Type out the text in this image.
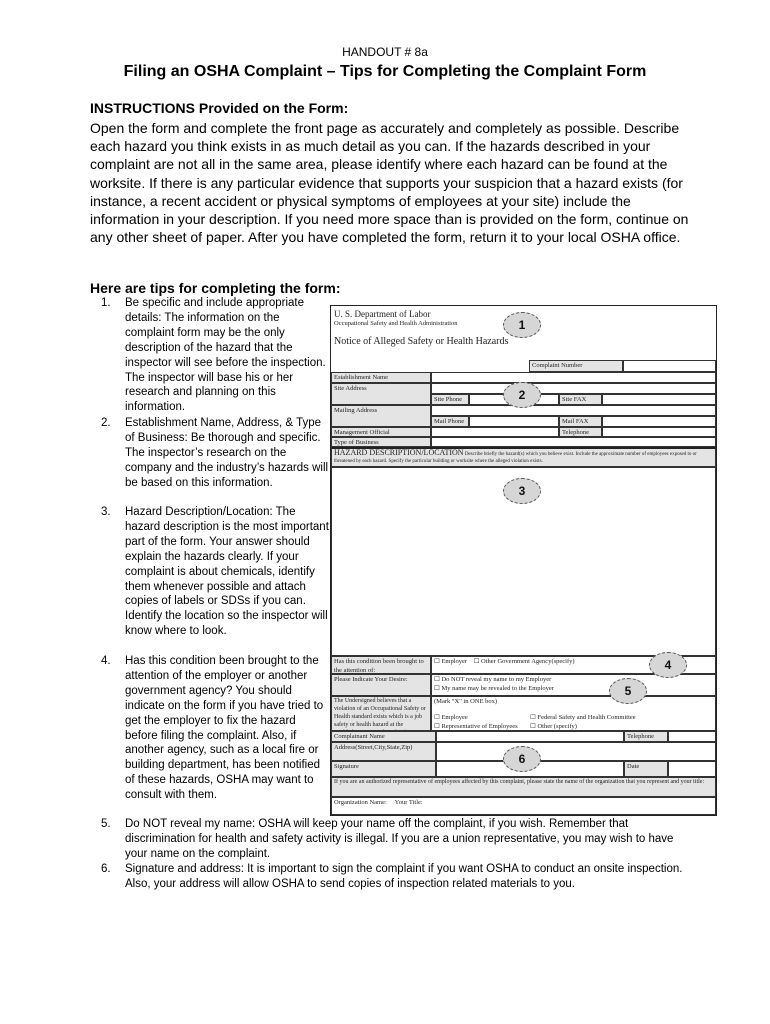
HANDOUT # 8a
Filing an OSHA Complaint – Tips for Completing the Complaint Form
INSTRUCTIONS Provided on the Form:
Open the form and complete the front page as accurately and completely as possible. Describe each hazard you think exists in as much detail as you can. If the hazards described in your complaint are not all in the same area, please identify where each hazard can be found at the worksite. If there is any particular evidence that supports your suspicion that a hazard exists (for instance, a recent accident or physical symptoms of employees at your site) include the information in your description. If you need more space than is provided on the form, continue on any other sheet of paper. After you have completed the form, return it to your local OSHA office.
Here are tips for completing the form:
1. Be specific and include appropriate details: The information on the complaint form may be the only description of the hazard that the inspector will see before the inspection. The inspector will base his or her research and planning on this information.
2. Establishment Name, Address, & Type of Business: Be thorough and specific. The inspector’s research on the company and the industry’s hazards will be based on this information.
3. Hazard Description/Location: The hazard description is the most important part of the form. Your answer should explain the hazards clearly. If your complaint is about chemicals, identify them whenever possible and attach copies of labels or SDSs if you can. Identify the location so the inspector will know where to look.
4. Has this condition been brought to the attention of the employer or another government agency? You should indicate on the form if you have tried to get the employer to fix the hazard before filing the complaint. Also, if another agency, such as a local fire or building department, has been notified of these hazards, OSHA may want to consult with them.
5. Do NOT reveal my name: OSHA will keep your name off the complaint, if you wish. Remember that discrimination for health and safety activity is illegal. If you are a union representative, you may wish to have your name on the complaint.
6. Signature and address: It is important to sign the complaint if you want OSHA to conduct an onsite inspection. Also, your address will allow OSHA to send copies of inspection related materials to you.
U. S. Department of Labor
Occupational Safety and Health Administration
Notice of Alleged Safety or Health Hazards
Complaint Number
Establishment Name
Site Address
Site Phone	Site FAX
Mailing Address
Mail Phone	Mail FAX
Management Official	Telephone
Type of Business
HAZARD DESCRIPTION/LOCATION Describe briefly the hazard(s) which you believe exist. Include the approximate number of employees exposed to or threatened by each hazard. Specify the particular building or worksite where the alleged violation exists.
Has this condition been brought to the attention of:
☐ Employer ☐ Other Government Agency(specify)
Please Indicate Your Desire:	☐ Do NOT reveal my name to my Employer
☐ My name may be revealed to the Employer
The Undersigned believes that a violation of an Occupational Safety or Health standard exists which is a job safety or health hazard at the
(Mark "X" in ONE box)
☐ Employee	☐ Federal Safety and Health Committee
☐ Representative of Employees ☐ Other (specify)
Complainant Name	Telephone
Address(Street,City,State,Zip)
Signature	Date
If you are an authorized representative of employees affected by this complaint, please state the name of the organization that you represent and your title:
Organization Name: Your Title:
1
2
3
4
5
6
